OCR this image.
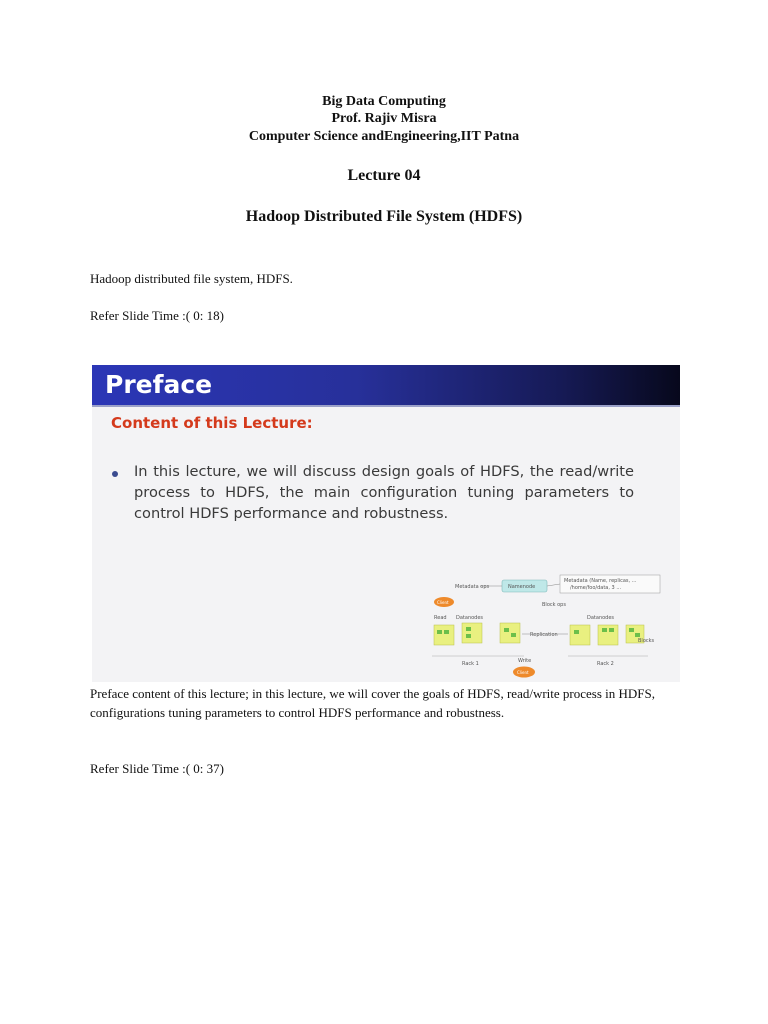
Big Data Computing
Prof. Rajiv Misra
Computer Science andEngineering,IIT Patna
Lecture 04
Hadoop Distributed File System (HDFS)
Hadoop distributed file system, HDFS.
Refer Slide Time :( 0: 18)
Preface
Content of this Lecture:
In this lecture, we will discuss design goals of HDFS, the read/write process to HDFS, the main configuration tuning parameters to control HDFS performance and robustness.
Namenode
Metadata ops
Metadata (Name, replicas, ...
/home/foo/data, 3 ...
Client	Block ops
Read Datanodes	Datanodes
Replication
Blocks
Rack 1	Rack 2
Write
Client
Preface content of this lecture; in this lecture, we will cover the goals of HDFS, read/write process in HDFS, configurations tuning parameters to control HDFS performance and robustness.
Refer Slide Time :( 0: 37)
